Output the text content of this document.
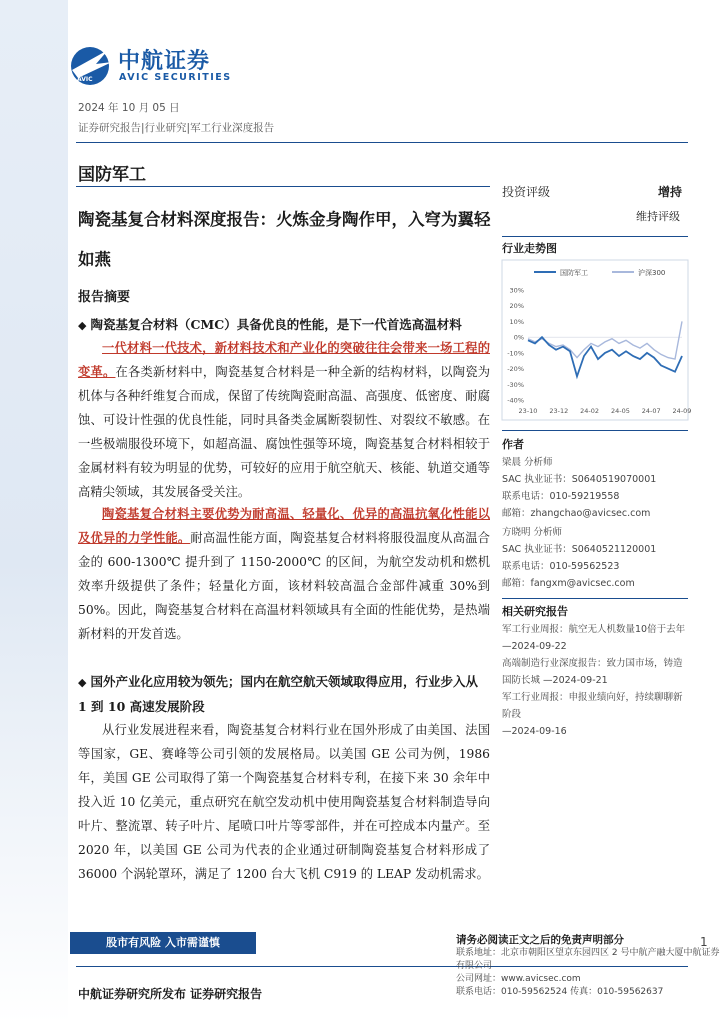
AVIC
中航证券
AVIC SECURITIES
2024 年 10 月 05 日
证券研究报告|行业研究|军工行业深度报告
国防军工
陶瓷基复合材料深度报告：火炼金身陶作甲，入穹为翼轻如燕
报告摘要
◆ 陶瓷基复合材料（CMC）具备优良的性能，是下一代首选高温材料
一代材料一代技术，新材料技术和产业化的突破往往会带来一场工程的变革。在各类新材料中，陶瓷基复合材料是一种全新的结构材料，以陶瓷为机体与各种纤维复合而成，保留了传统陶瓷耐高温、高强度、低密度、耐腐蚀、可设计性强的优良性能，同时具备类金属断裂韧性、对裂纹不敏感。在一些极端服役环境下，如超高温、腐蚀性强等环境，陶瓷基复合材料相较于金属材料有较为明显的优势，可较好的应用于航空航天、核能、轨道交通等高精尖领域，其发展备受关注。
陶瓷基复合材料主要优势为耐高温、轻量化、优异的高温抗氧化性能以及优异的力学性能。耐高温性能方面，陶瓷基复合材料将服役温度从高温合金的 600-1300℃ 提升到了 1150-2000℃ 的区间，为航空发动机和燃机效率升级提供了条件；轻量化方面，该材料较高温合金部件减重 30%到 50%。因此，陶瓷基复合材料在高温材料领域具有全面的性能优势，是热端新材料的开发首选。
◆ 国外产业化应用较为领先；国内在航空航天领域取得应用，行业步入从 1 到 10 高速发展阶段
从行业发展进程来看，陶瓷基复合材料行业在国外形成了由美国、法国等国家，GE、赛峰等公司引领的发展格局。以美国 GE 公司为例，1986 年，美国 GE 公司取得了第一个陶瓷基复合材料专利，在接下来 30 余年中投入近 10 亿美元，重点研究在航空发动机中使用陶瓷基复合材料制造导向叶片、整流罩、转子叶片、尾喷口叶片等零部件，并在可控成本内量产。至 2020 年，以美国 GE 公司为代表的企业通过研制陶瓷基复合材料形成了 36000 个涡轮罩环，满足了 1200 台大飞机 C919 的 LEAP 发动机需求。
投资评级	增持
维持评级
行业走势图
国防军工	沪深300
30%
20%
10%
0%
-10%
-20%
-30%
-40%
23-10 23-12 24-02 24-05 24-07 24-09
作者
梁晨 分析师
SAC 执业证书：S0640519070001
联系电话：010-59219558
邮箱：zhangchao@avicsec.com
方晓明 分析师
SAC 执业证书：S0640521120001
联系电话：010-59562523
邮箱：fangxm@avicsec.com
相关研究报告
军工行业周报：航空无人机数量10倍于去年
—2024-09-22
高端制造行业深度报告：致力国市场，铸造国防长城 —2024-09-21
军工行业周报：申报业绩向好，持续聊聊新阶段
—2024-09-16
股市有风险 入市需谨慎
中航证券研究所发布 证券研究报告
请务必阅读正文之后的免责声明部分
联系地址：北京市朝阳区望京东园四区 2 号中航产融大厦中航证券有限公司
公司网址：www.avicsec.com
联系电话：010-59562524 传真：010-59562637
1
